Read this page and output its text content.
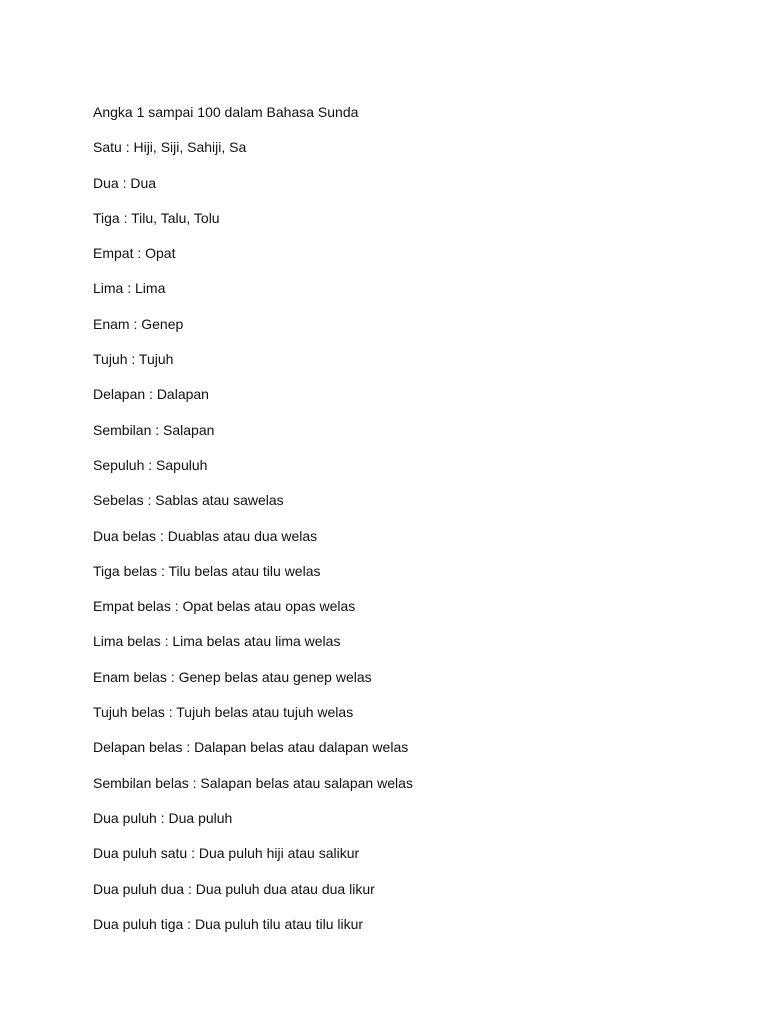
Angka 1 sampai 100 dalam Bahasa Sunda
Satu : Hiji, Siji, Sahiji, Sa
Dua : Dua
Tiga : Tilu, Talu, Tolu
Empat : Opat
Lima : Lima
Enam : Genep
Tujuh : Tujuh
Delapan : Dalapan
Sembilan : Salapan
Sepuluh : Sapuluh
Sebelas : Sablas atau sawelas
Dua belas : Duablas atau dua welas
Tiga belas : Tilu belas atau tilu welas
Empat belas : Opat belas atau opas welas
Lima belas : Lima belas atau lima welas
Enam belas : Genep belas atau genep welas
Tujuh belas : Tujuh belas atau tujuh welas
Delapan belas : Dalapan belas atau dalapan welas
Sembilan belas : Salapan belas atau salapan welas
Dua puluh : Dua puluh
Dua puluh satu : Dua puluh hiji atau salikur
Dua puluh dua : Dua puluh dua atau dua likur
Dua puluh tiga : Dua puluh tilu atau tilu likur
